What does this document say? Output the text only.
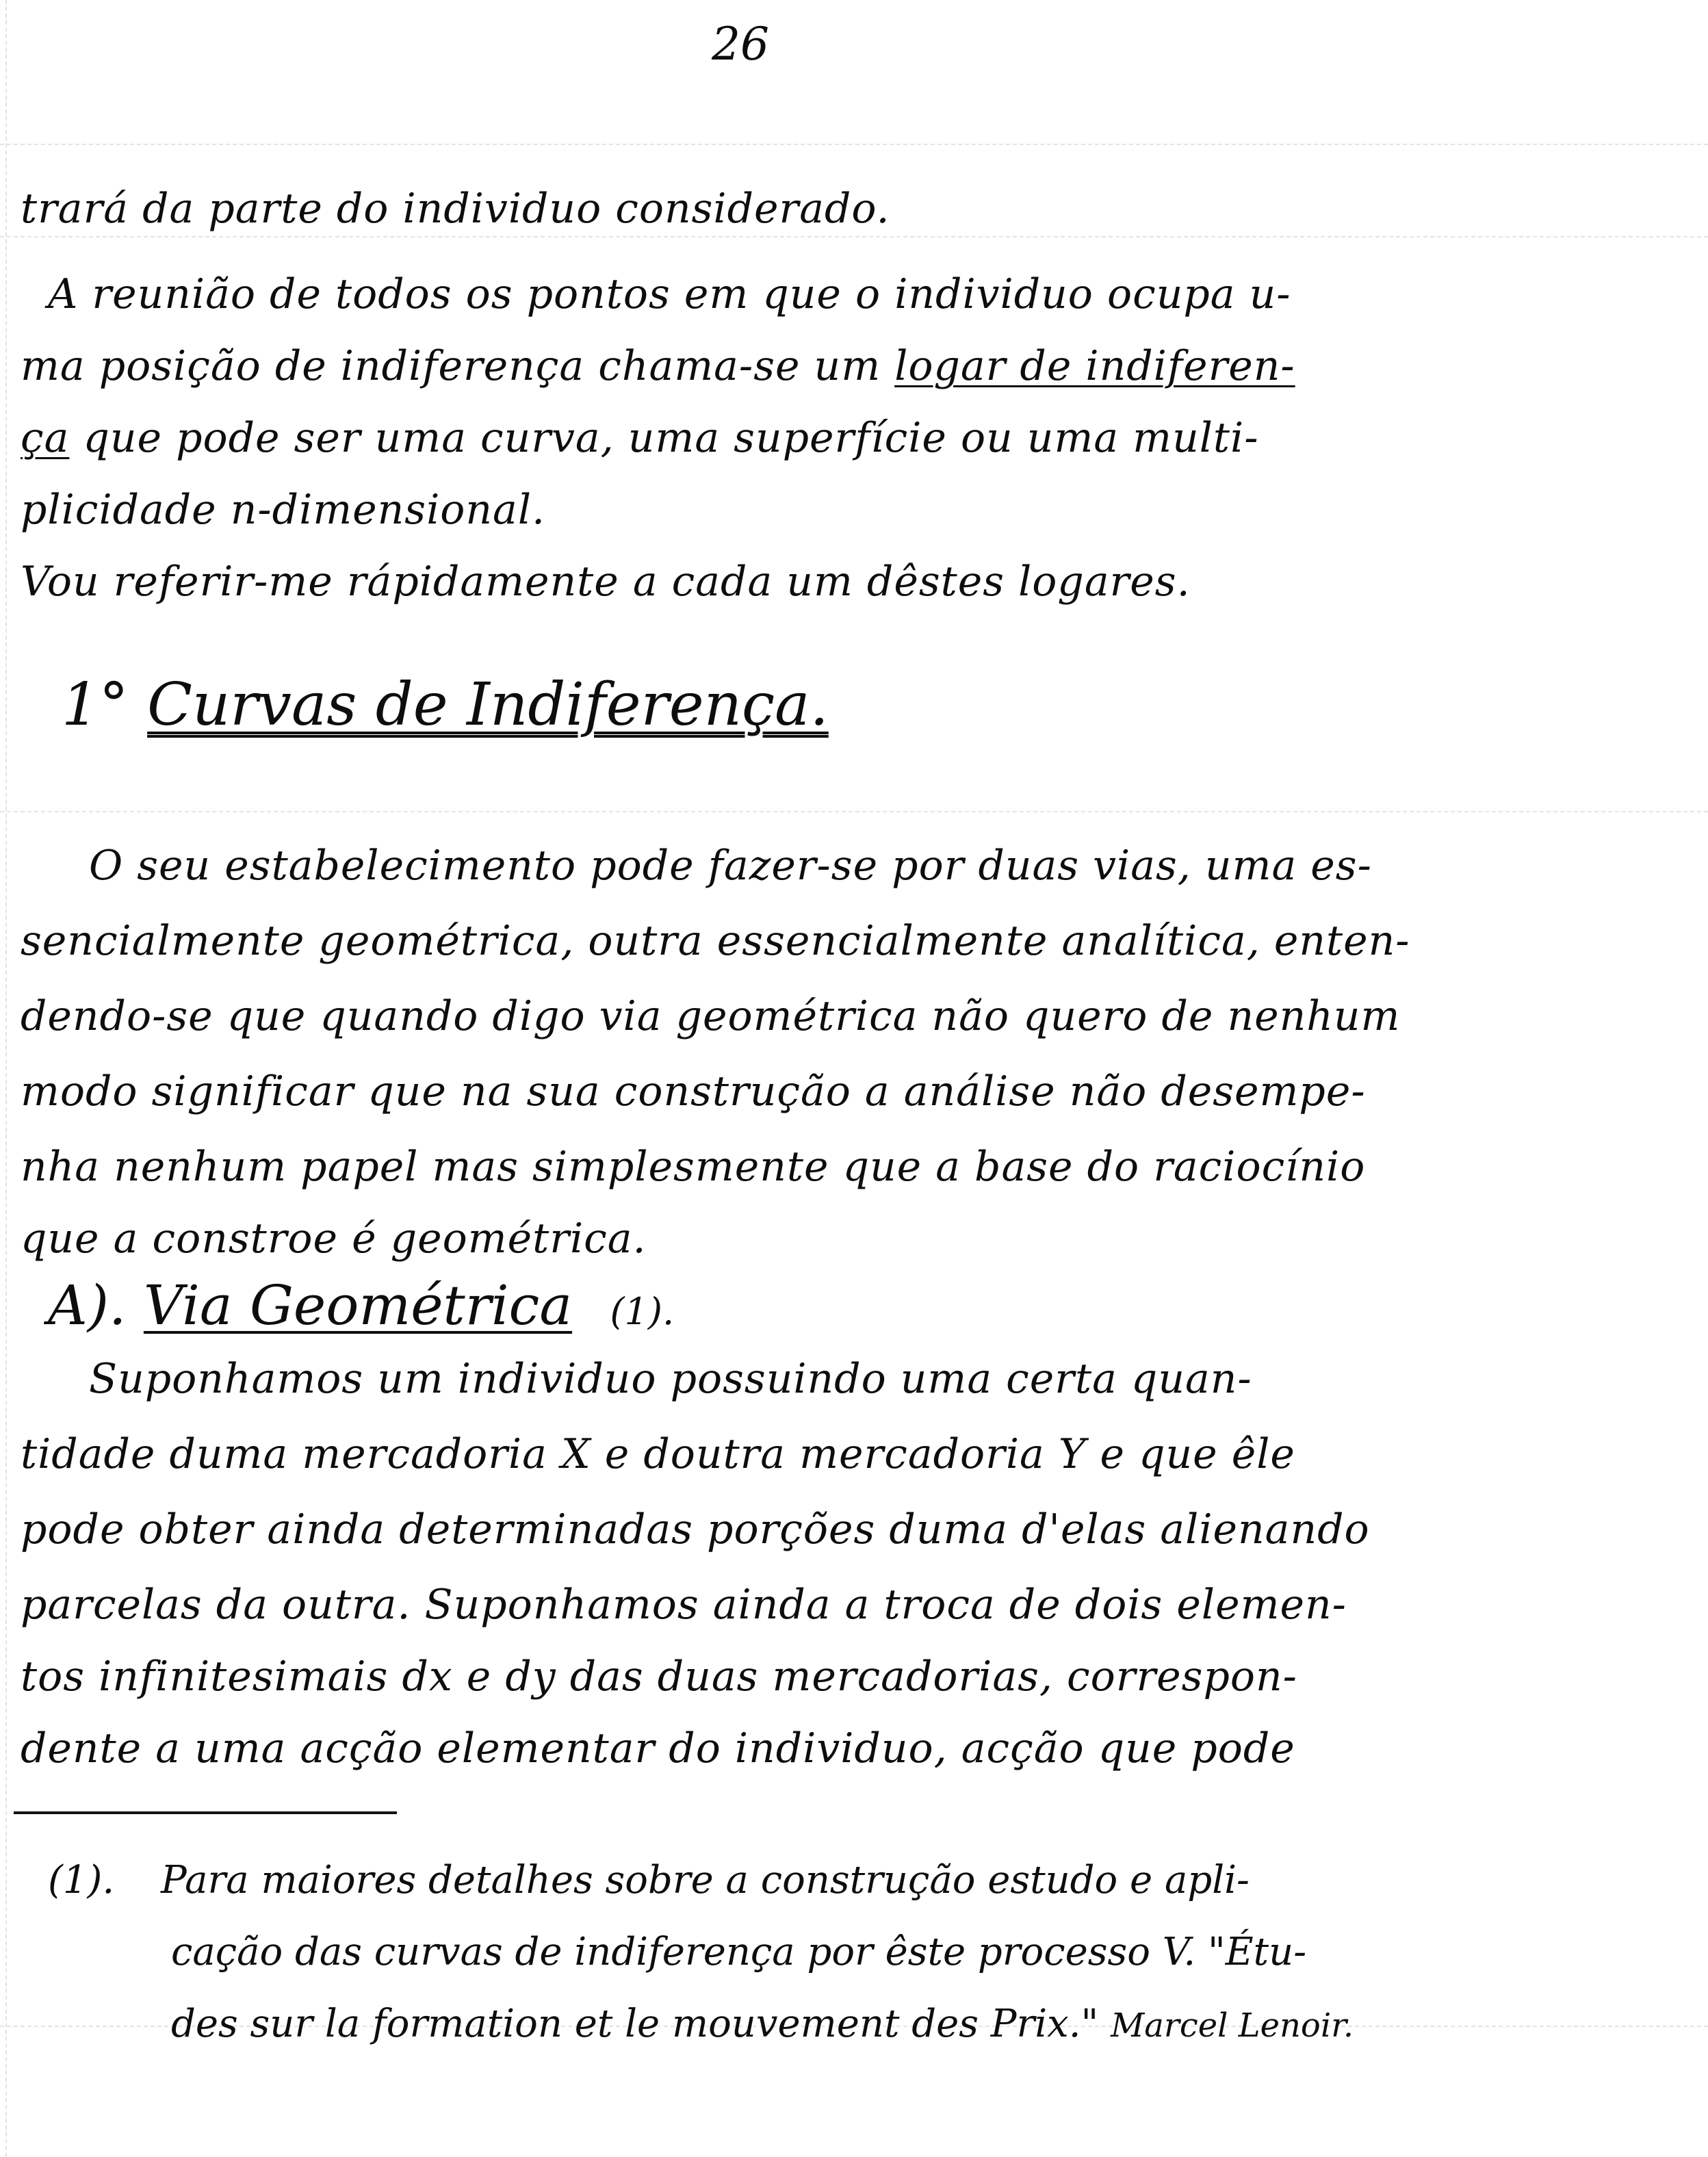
26
trará da parte do individuo considerado.
A reunião de todos os pontos em que o individuo ocupa u-
ma posição de indiferença chama-se um logar de indiferen-
ça que pode ser uma curva, uma superfície ou uma multi-
plicidade n-dimensional.
Vou referir-me rápidamente a cada um dêstes logares.
1° Curvas de Indiferença.
O seu estabelecimento pode fazer-se por duas vias, uma es-
sencialmente geométrica, outra essencialmente analítica, enten-
dendo-se que quando digo via geométrica não quero de nenhum
modo significar que na sua construção a análise não desempe-
nha nenhum papel mas simplesmente que a base do raciocínio
que a constroe é geométrica.
A). Via Geométrica (1).
Suponhamos um individuo possuindo uma certa quan-
tidade duma mercadoria X e doutra mercadoria Y e que êle
pode obter ainda determinadas porções duma d'elas alienando
parcelas da outra. Suponhamos ainda a troca de dois elemen-
tos infinitesimais dx e dy das duas mercadorias, correspon-
dente a uma acção elementar do individuo, acção que pode
(1). Para maiores detalhes sobre a construção estudo e apli-
cação das curvas de indiferença por êste processo V. "Étu-
des sur la formation et le mouvement des Prix." Marcel Lenoir.
